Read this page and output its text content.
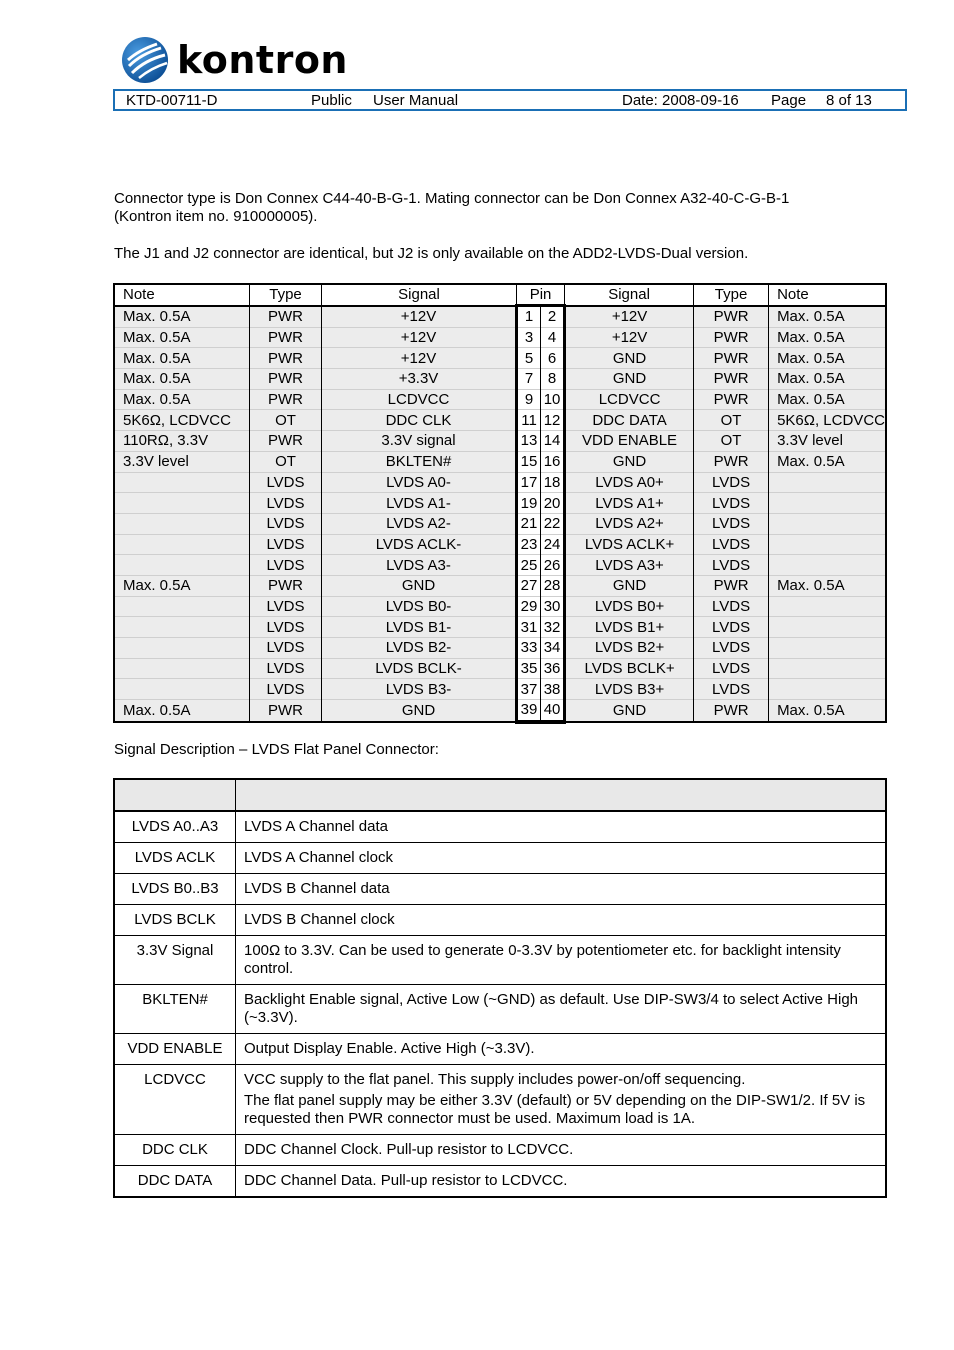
kontron
KTD-00711-D	Public User Manual	Date: 2008-09-16 Page 8 of 13
Connector type is Don Connex C44-40-B-G-1. Mating connector can be Don Connex A32-40-C-G-B-1
(Kontron item no. 910000005).
The J1 and J2 connector are identical, but J2 is only available on the ADD2-LVDS-Dual version.
Note	Type	Signal	Pin		Signal	Type	Note
Max. 0.5A	PWR	+12V	1	2	+12V	PWR	Max. 0.5A
Max. 0.5A	PWR	+12V	3	4	+12V	PWR	Max. 0.5A
Max. 0.5A	PWR	+12V	5	6	GND	PWR	Max. 0.5A
Max. 0.5A	PWR	+3.3V	7	8	GND	PWR	Max. 0.5A
Max. 0.5A	PWR	LCDVCC	9	10	LCDVCC	PWR	Max. 0.5A
5K6Ω, LCDVCC	OT	DDC CLK	11	12	DDC DATA	OT	5K6Ω, LCDVCC
110RΩ, 3.3V	PWR	3.3V signal	13	14	VDD ENABLE	OT	3.3V level
3.3V level	OT	BKLTEN#	15	16	GND	PWR	Max. 0.5A
	LVDS	LVDS A0-	17	18	LVDS A0+	LVDS	
	LVDS	LVDS A1-	19	20	LVDS A1+	LVDS	
	LVDS	LVDS A2-	21	22	LVDS A2+	LVDS	
	LVDS	LVDS ACLK-	23	24	LVDS ACLK+	LVDS	
	LVDS	LVDS A3-	25	26	LVDS A3+	LVDS	
Max. 0.5A	PWR	GND	27	28	GND	PWR	Max. 0.5A
	LVDS	LVDS B0-	29	30	LVDS B0+	LVDS	
	LVDS	LVDS B1-	31	32	LVDS B1+	LVDS	
	LVDS	LVDS B2-	33	34	LVDS B2+	LVDS	
	LVDS	LVDS BCLK-	35	36	LVDS BCLK+	LVDS	
	LVDS	LVDS B3-	37	38	LVDS B3+	LVDS	
Max. 0.5A	PWR	GND	39	40	GND	PWR	Max. 0.5A
Signal Description – LVDS Flat Panel Connector:

LVDS A0..A3	LVDS A Channel data

LVDS ACLK	LVDS A Channel clock

LVDS B0..B3	LVDS B Channel data

LVDS BCLK	LVDS B Channel clock

3.3V Signal	100Ω to 3.3V. Can be used to generate 0-3.3V by potentiometer etc. for backlight intensity control.

BKLTEN#	Backlight Enable signal, Active Low (~GND) as default. Use DIP-SW3/4 to select Active High (~3.3V).

VDD ENABLE	Output Display Enable. Active High (~3.3V).

LCDVCC	VCC supply to the flat panel. This supply includes power-on/off sequencing.

The flat panel supply may be either 3.3V (default) or 5V depending on the DIP-SW1/2. If 5V is requested then PWR connector must be used. Maximum load is 1A.

DDC CLK	DDC Channel Clock. Pull-up resistor to LCDVCC.

DDC DATA	DDC Channel Data. Pull-up resistor to LCDVCC.
